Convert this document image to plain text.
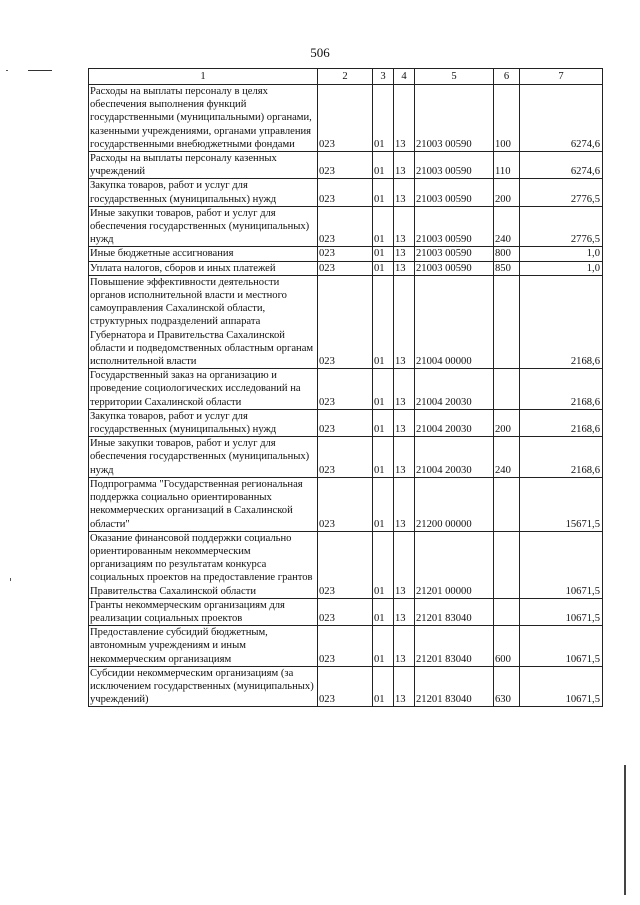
506
1	2	3	4	5	6	7
Расходы на выплаты персоналу в целях обеспечения выполнения функций государственными (муниципальными) органами, казенными учреждениями, органами управления государственными внебюджетными фондами	023	01	13	21003 00590	100	6274,6
Расходы на выплаты персоналу казенных учреждений	023	01	13	21003 00590	110	6274,6
Закупка товаров, работ и услуг для государственных (муниципальных) нужд	023	01	13	21003 00590	200	2776,5
Иные закупки товаров, работ и услуг для обеспечения государственных (муниципальных) нужд	023	01	13	21003 00590	240	2776,5
Иные бюджетные ассигнования	023	01	13	21003 00590	800	1,0
Уплата налогов, сборов и иных платежей	023	01	13	21003 00590	850	1,0
Повышение эффективности деятельности органов исполнительной власти и местного самоуправления Сахалинской области, структурных подразделений аппарата Губернатора и Правительства Сахалинской области и подведомственных областным органам исполнительной власти	023	01	13	21004 00000		2168,6
Государственный заказ на организацию и проведение социологических исследований на территории Сахалинской области	023	01	13	21004 20030		2168,6
Закупка товаров, работ и услуг для государственных (муниципальных) нужд	023	01	13	21004 20030	200	2168,6
Иные закупки товаров, работ и услуг для обеспечения государственных (муниципальных) нужд	023	01	13	21004 20030	240	2168,6
Подпрограмма "Государственная региональная поддержка социально ориентированных некоммерческих организаций в Сахалинской области"	023	01	13	21200 00000		15671,5
Оказание финансовой поддержки социально ориентированным некоммерческим организациям по результатам конкурса социальных проектов на предоставление грантов Правительства Сахалинской области	023	01	13	21201 00000		10671,5
Гранты некоммерческим организациям для реализации социальных проектов	023	01	13	21201 83040		10671,5
Предоставление субсидий бюджетным, автономным учреждениям и иным некоммерческим организациям	023	01	13	21201 83040	600	10671,5
Субсидии некоммерческим организациям (за исключением государственных (муниципальных) учреждений)	023	01	13	21201 83040	630	10671,5
